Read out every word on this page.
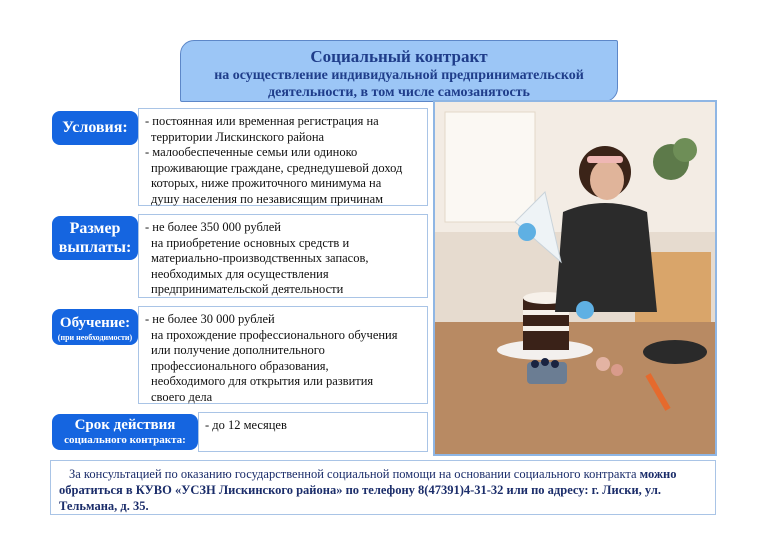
Социальный контракт
на осуществление индивидуальной предпринимательской
деятельности, в том числе самозанятость
Условия:	- постоянная или временная регистрация на
территории Лискинского района
- малообеспеченные семьи или одиноко
проживающие граждане, среднедушевой доход
которых, ниже прожиточного минимума на
душу населения по независящим причинам
Размер
выплаты:
- не более 350 000 рублей
на приобретение основных средств и
материально-производственных запасов,
необходимых для осуществления
предпринимательской деятельности
Обучение:
(при необходимости)
- не более 30 000 рублей
на прохождение профессионального обучения
или получение дополнительного
профессионального образования,
необходимого для открытия или развития
своего дела
Срок действия
социального контракта:
- до 12 месяцев
За консультацией по оказанию государственной социальной помощи на основании социального контракта можно обратиться в КУВО «УСЗН Лискинского района» по телефону 8(47391)4-31-32 или по адресу: г. Лиски, ул. Тельмана, д. 35.
